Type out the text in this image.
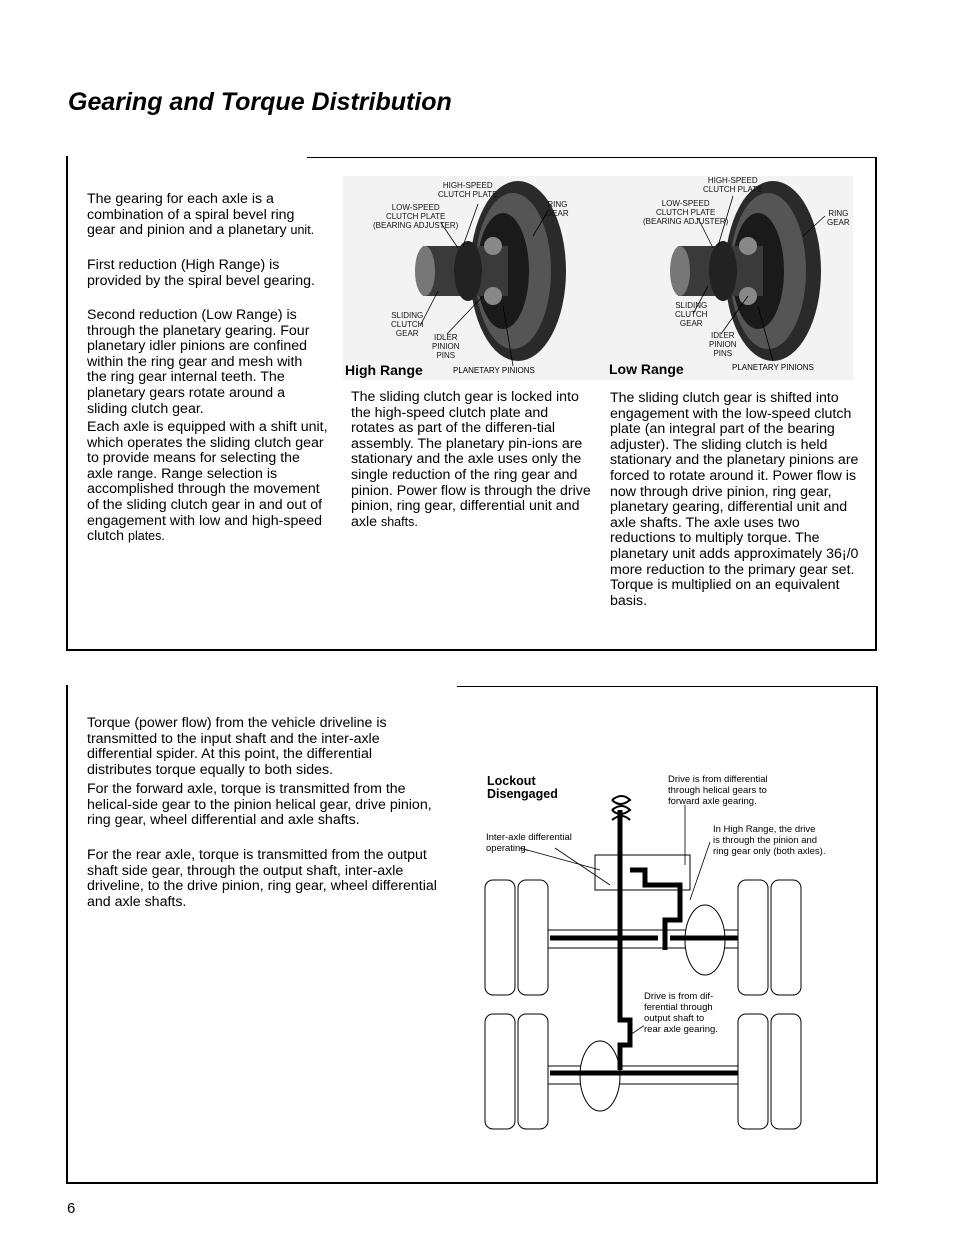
Gearing and Torque Distribution

The gearing for each axle is a combination of a spiral bevel ring gear and pinion and a planetary unit.

First reduction (High Range) is provided by the spiral bevel gearing.

Second reduction (Low Range) is through the planetary gearing. Four planetary idler pinions are confined within the ring gear and mesh with the ring gear internal teeth. The planetary gears rotate around a sliding clutch gear.

Each axle is equipped with a shift unit, which operates the sliding clutch gear to provide means for selecting the axle range. Range selection is accomplished through the movement of the sliding clutch gear in and out of engagement with low and high-speed clutch plates.

HIGH-SPEED
CLUTCH PLATE
LOW-SPEED
CLUTCH PLATE
(BEARING ADJUSTER)
RING
GEAR
SLIDING
CLUTCH
GEAR	IDLER
PINION
PINS
High Range	PLANETARY PINIONS
HIGH-SPEED
CLUTCH PLATE
LOW-SPEED
CLUTCH PLATE
(BEARING ADJUSTER)
RING
GEAR
SLIDING
CLUTCH
GEAR
IDLER
PINION
PINS
Low Range	PLANETARY PINIONS

The sliding clutch gear is locked into the high-speed clutch plate and rotates as part of the differen-tial assembly. The planetary pin-ions are stationary and the axle uses only the single reduction of the ring gear and pinion. Power flow is through the drive pinion, ring gear, differential unit and axle shafts.

The sliding clutch gear is shifted into engagement with the low-speed clutch plate (an integral part of the bearing adjuster). The sliding clutch is held stationary and the planetary pinions are forced to rotate around it. Power flow is now through drive pinion, ring gear, planetary gearing, differential unit and axle shafts. The axle uses two reductions to multiply torque. The planetary unit adds approximately 36¡/0 more reduction to the primary gear set. Torque is multiplied on an equivalent basis.

Torque (power flow) from the vehicle driveline is transmitted to the input shaft and the inter-axle differential spider. At this point, the differential distributes torque equally to both sides.

For the forward axle, torque is transmitted from the helical-side gear to the pinion helical gear, drive pinion, ring gear, wheel differential and axle shafts.

For the rear axle, torque is transmitted from the output shaft side gear, through the output shaft, inter-axle driveline, to the drive pinion, ring gear, wheel differential and axle shafts.

Lockout
Disengaged
Drive is from differential
through helical gears to
forward axle gearing.
Inter-axle differential
operating.
In High Range, the drive
is through the pinion and
ring gear only (both axles).
Drive is from dif-
ferential through
output shaft to
rear axle gearing.
6
